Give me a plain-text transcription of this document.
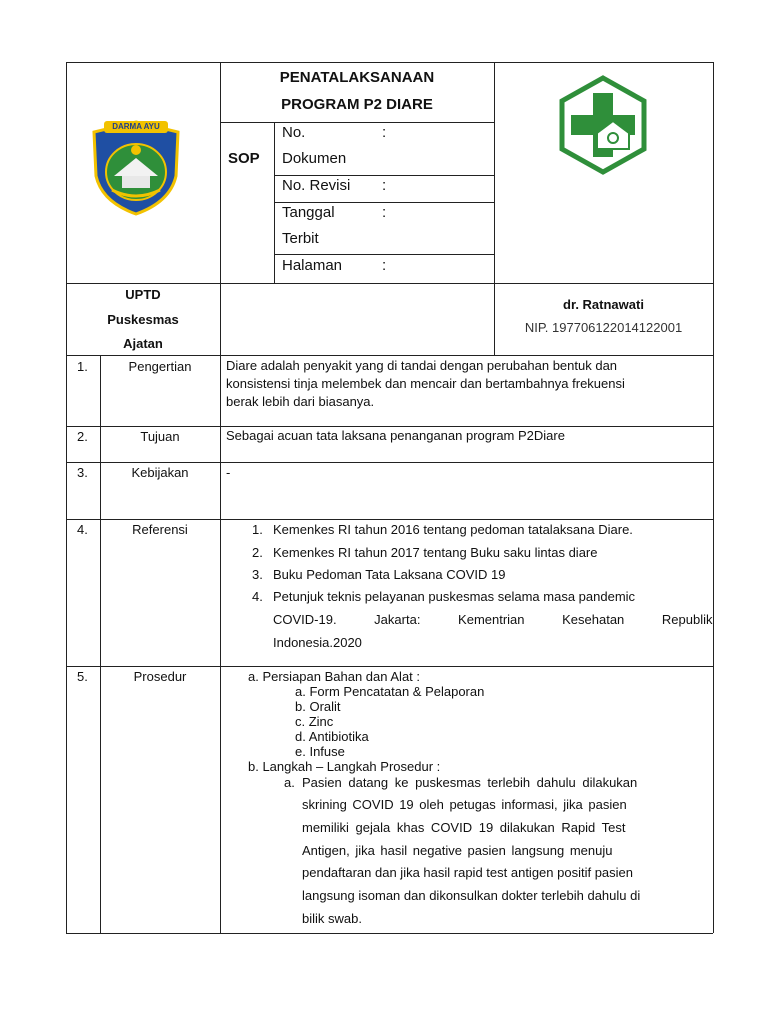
DARMA AYU
PENATALAKSANAAN
PROGRAM P2 DIARE
SOP
No.	:
Dokumen
No. Revisi :
Tanggal	:
Terbit
Halaman	:
UPTD
Puskesmas
Ajatan
dr. Ratnawati
NIP. 197706122014122001
1.	Pengertian	Diare adalah penyakit yang di tandai dengan perubahan bentuk dan
konsistensi tinja melembek dan mencair dan bertambahnya frekuensi
berak lebih dari biasanya.
2.	Tujuan	Sebagai acuan tata laksana penanganan program P2Diare
3.	Kebijakan	-
4.	Referensi	1. Kemenkes RI tahun 2016 tentang pedoman tatalaksana Diare.
2. Kemenkes RI tahun 2017 tentang Buku saku lintas diare
3. Buku Pedoman Tata Laksana COVID 19
4. Petunjuk teknis pelayanan puskesmas selama masa pandemic
COVID-19. Jakarta: Kementrian Kesehatan Republik
Indonesia.2020
5.	Prosedur	a. Persiapan Bahan dan Alat :
a. Form Pencatatan & Pelaporan
b. Oralit
c. Zinc
d. Antibiotika
e. Infuse
b. Langkah – Langkah Prosedur :
a. Pasien datang ke puskesmas terlebih dahulu dilakukan
skrining COVID 19 oleh petugas informasi, jika pasien
memiliki gejala khas COVID 19 dilakukan Rapid Test
Antigen, jika hasil negative pasien langsung menuju
pendaftaran dan jika hasil rapid test antigen positif pasien
langsung isoman dan dikonsulkan dokter terlebih dahulu di
bilik swab.
